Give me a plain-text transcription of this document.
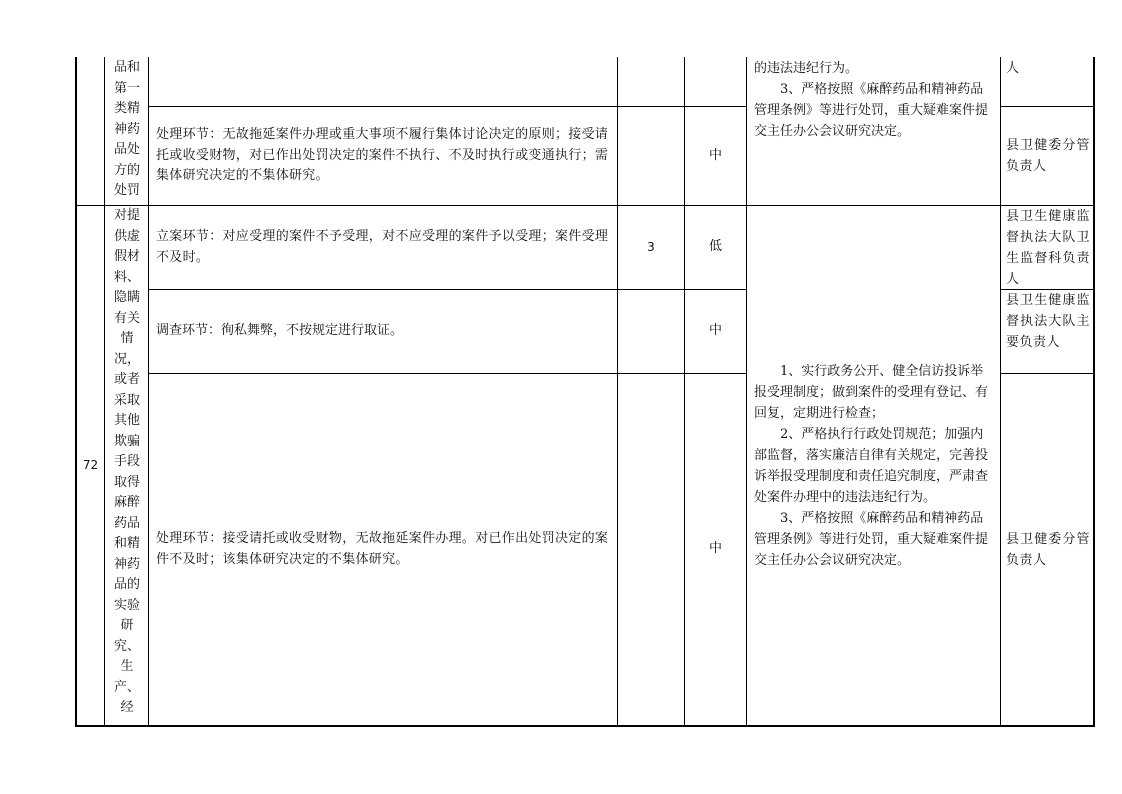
品和第一类精神药品处方的处罚
处理环节：无故拖延案件办理或重大事项不履行集体讨论决定的原则；接受请托或收受财物，对已作出处罚决定的案件不执行、不及时执行或变通执行；需集体研究决定的不集体研究。
中

的违法违纪行为。

3、严格按照《麻醉药品和精神药品管理条例》等进行处罚，重大疑难案件提交主任办公会议研究决定。

人
县卫健委分管负责人
72
对提供虚假材料、隐瞒有关情况，或者采取其他欺骗手段取得麻醉药品和精神药品的实验研究、生产、经
立案环节：对应受理的案件不予受理，对不应受理的案件予以受理；案件受理不及时。
调查环节：徇私舞弊，不按规定进行取证。
处理环节：接受请托或收受财物，无故拖延案件办理。对已作出处罚决定的案件不及时；该集体研究决定的不集体研究。
3	低
中
中

1、实行政务公开、健全信访投诉举报受理制度；做到案件的受理有登记、有回复，定期进行检查；

2、严格执行行政处罚规范；加强内部监督，落实廉洁自律有关规定，完善投诉举报受理制度和责任追究制度，严肃查处案件办理中的违法违纪行为。

3、严格按照《麻醉药品和精神药品管理条例》等进行处罚，重大疑难案件提交主任办公会议研究决定。

县卫生健康监督执法大队卫生监督科负责人
县卫生健康监督执法大队主要负责人
县卫健委分管负责人
